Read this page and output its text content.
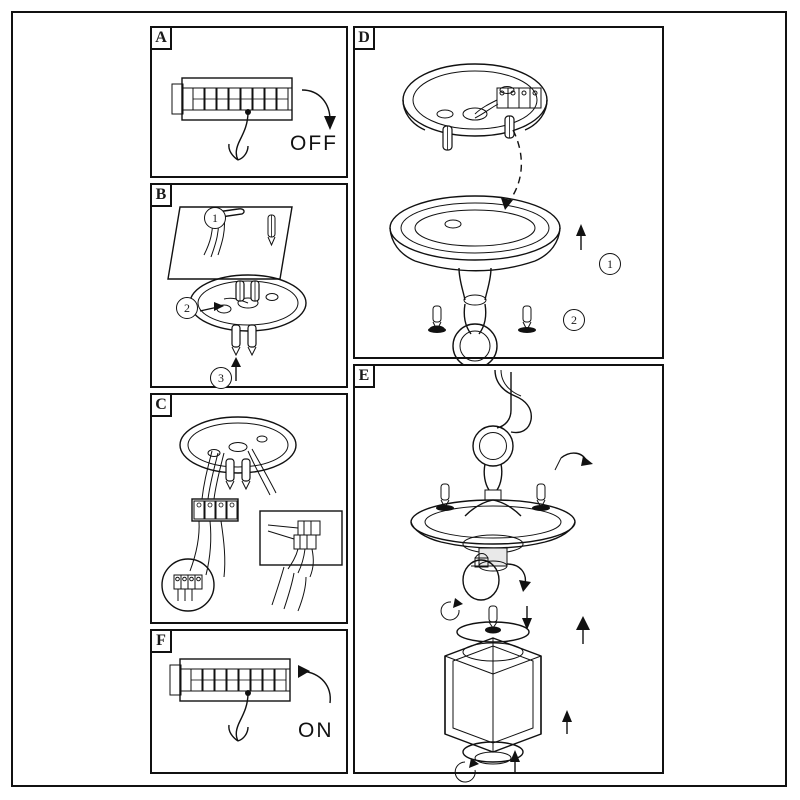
A
OFF
B
1
2
3
C
F
ON
D
1
2
E
